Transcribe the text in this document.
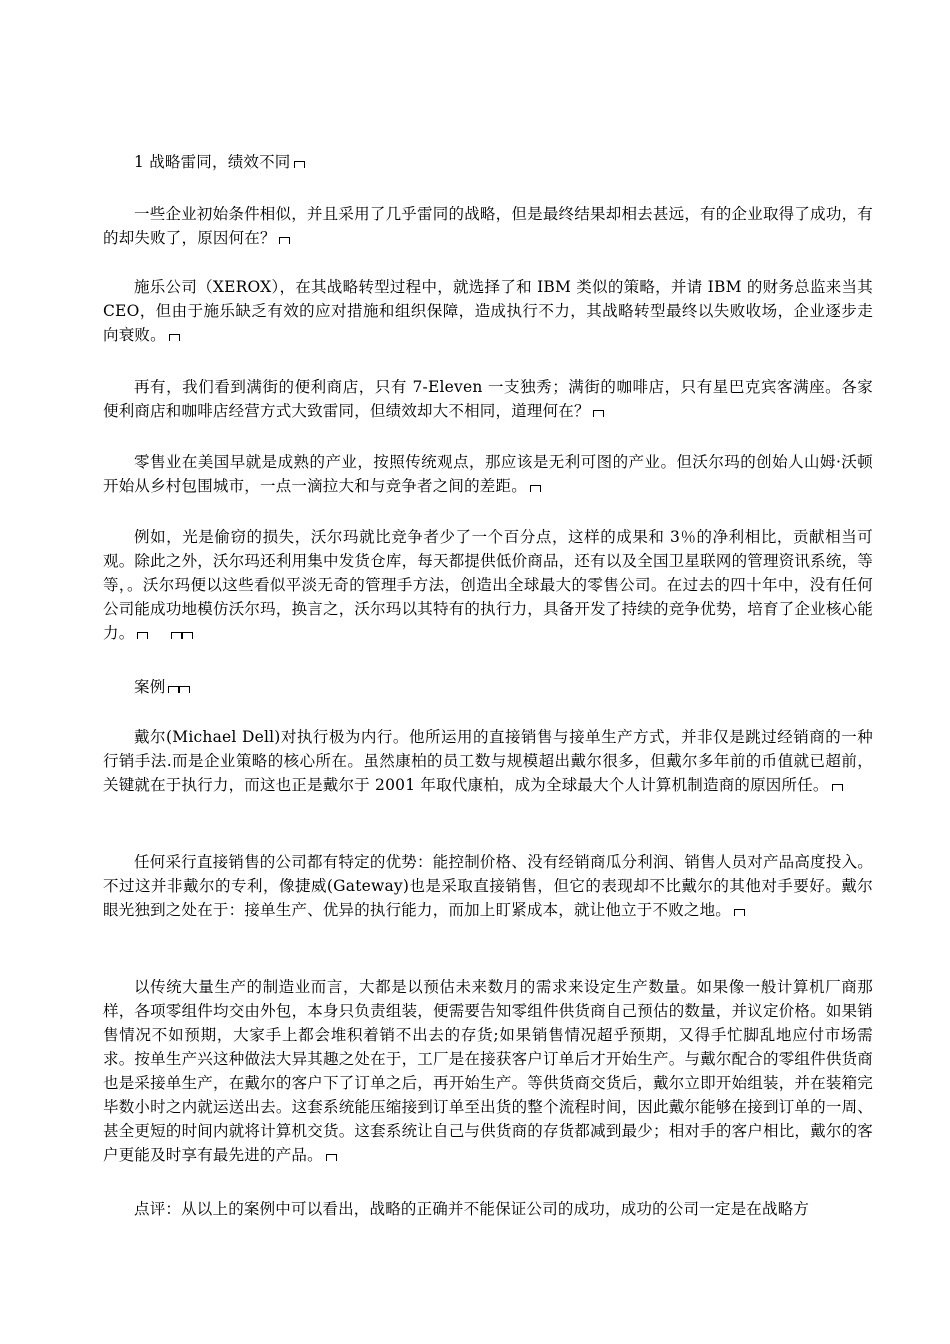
1 战略雷同，绩效不同

一些企业初始条件相似，并且采用了几乎雷同的战略，但是最终结果却相去甚远，有的企业取得了成功，有的却失败了，原因何在？

施乐公司（XEROX），在其战略转型过程中，就选择了和 IBM 类似的策略，并请 IBM 的财务总监来当其 CEO，但由于施乐缺乏有效的应对措施和组织保障，造成执行不力，其战略转型最终以失败收场，企业逐步走向衰败。

再有，我们看到满街的便利商店，只有 7-Eleven 一支独秀；满街的咖啡店，只有星巴克宾客满座。各家便利商店和咖啡店经营方式大致雷同，但绩效却大不相同，道理何在？

零售业在美国早就是成熟的产业，按照传统观点，那应该是无利可图的产业。但沃尔玛的创始人山姆·沃顿开始从乡村包围城市，一点一滴拉大和与竞争者之间的差距。

例如，光是偷窃的损失，沃尔玛就比竞争者少了一个百分点，这样的成果和 3％的净利相比，贡献相当可观。除此之外，沃尔玛还利用集中发货仓库，每天都提供低价商品，还有以及全国卫星联网的管理资讯系统，等等，。沃尔玛便以这些看似平淡无奇的管理手方法，创造出全球最大的零售公司。在过去的四十年中，没有任何公司能成功地模仿沃尔玛，换言之，沃尔玛以其特有的执行力，具备开发了持续的竞争优势，培育了企业核心能力。

案例

戴尔(Michael Dell)对执行极为内行。他所运用的直接销售与接单生产方式，并非仅是跳过经销商的一种行销手法.而是企业策略的核心所在。虽然康柏的员工数与规模超出戴尔很多，但戴尔多年前的币值就已超前，关键就在于执行力，而这也正是戴尔于 2001 年取代康柏，成为全球最大个人计算机制造商的原因所任。

任何采行直接销售的公司都有特定的优势：能控制价格、没有经销商瓜分利润、销售人员对产品高度投入。不过这并非戴尔的专利，像捷威(Gateway)也是采取直接销售，但它的表现却不比戴尔的其他对手要好。戴尔眼光独到之处在于：接单生产、优异的执行能力，而加上盯紧成本，就让他立于不败之地。

以传统大量生产的制造业而言，大都是以预估未来数月的需求来设定生产数量。如果像一般计算机厂商那样，各项零组件均交由外包，本身只负责组装，便需要告知零组件供货商自己预估的数量，并议定价格。如果销售情况不如预期，大家手上都会堆积着销不出去的存货;如果销售情况超乎预期，又得手忙脚乱地应付市场需求。按单生产兴这种做法大异其趣之处在于，工厂是在接获客户订单后才开始生产。与戴尔配合的零组件供货商也是采接单生产，在戴尔的客户下了订单之后，再开始生产。等供货商交货后，戴尔立即开始组装，并在装箱完毕数小时之内就运送出去。这套系统能压缩接到订单至出货的整个流程时间，因此戴尔能够在接到订单的一周、甚全更短的时间内就将计算机交货。这套系统让自己与供货商的存货都减到最少；相对手的客户相比，戴尔的客户更能及时享有最先进的产品。

点评：从以上的案例中可以看出，战略的正确并不能保证公司的成功，成功的公司一定是在战略方
